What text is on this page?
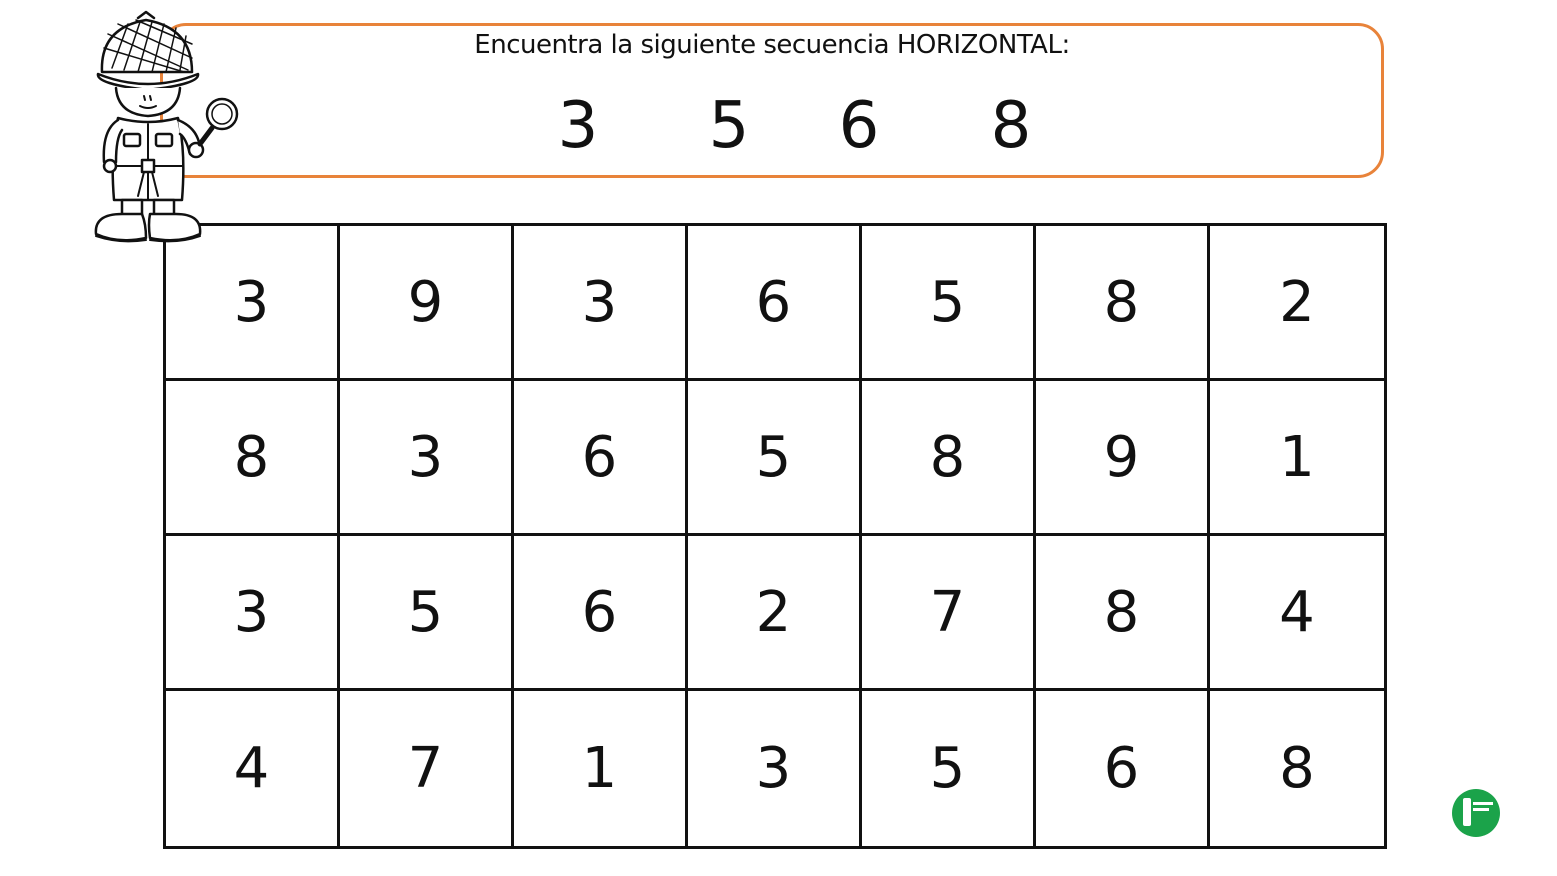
Encuentra la siguiente secuencia HORIZONTAL:
3 5 6 8
3	9	3	6	5	8	2
8	3	6	5	8	9	1
3	5	6	2	7	8	4
4	7	1	3	5	6	8
